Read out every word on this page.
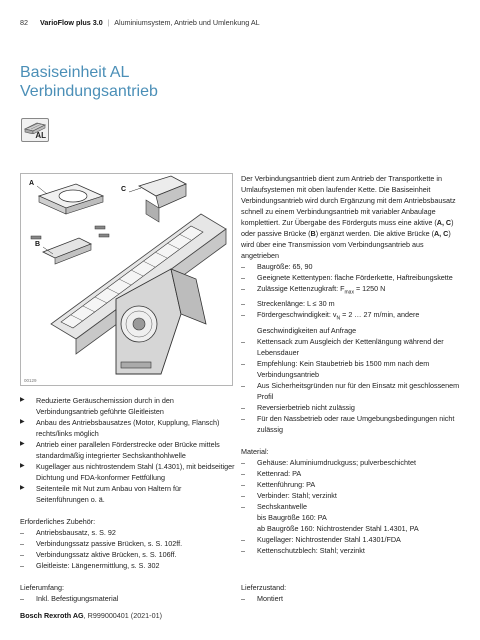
82 VarioFlow plus 3.0 | Aluminiumsystem, Antrieb und Umlenkung AL
Basiseinheit AL
Verbindungsantrieb
AL
A
B
C
00129
▶ Reduzierte Geräuschemission durch in den Verbindungsantrieb geführte Gleitleisten
▶ Anbau des Antriebsbausatzes (Motor, Kupplung, Flansch) rechts/links möglich
▶ Antrieb einer parallelen Förderstrecke oder Brücke mittels standardmäßig integrierter Sechskanthohlwelle
▶ Kugellager aus nichtrostendem Stahl (1.4301), mit beidseitiger Dichtung und FDA-konformer Fettfüllung
▶ Seitenteile mit Nut zum Anbau von Haltern für Seitenführungen o. ä.

Erforderliches Zubehör:

– Antriebsbausatz, s. S. 92
– Verbindungssatz passive Brücken, s. S. 102ff.
– Verbindungssatz aktive Brücken, s. S. 106ff.
– Gleitleiste: Längenermittlung, s. S. 302

Lieferumfang:

– Inkl. Befestigungsmaterial

Der Verbindungsantrieb dient zum Antrieb der Transportkette in Umlaufsystemen mit oben laufender Kette. Die Basiseinheit Verbindungsantrieb wird durch Ergänzung mit dem Antriebsbausatz schnell zu einem Verbindungsantrieb mit variabler Anbaulage komplettiert. Zur Übergabe des Förderguts muss eine aktive (A, C) oder passive Brücke (B) ergänzt werden. Die aktive Brücke (A, C) wird über eine Transmission vom Verbindungsantrieb aus angetrieben

– Baugröße: 65, 90
– Geeignete Kettentypen: flache Förderkette, Haftreibungskette
– Zulässige Kettenzugkraft: $F_{max} = 1250$ N
– Streckenlänge: L ≤ 30 m
– Fördergeschwindigkeit: $v_N = 2$ … 27 m/min, andere Geschwindigkeiten auf Anfrage
– Kettensack zum Ausgleich der Kettenlängung während der Lebensdauer
– Empfehlung: Kein Staubetrieb bis 1500 mm nach dem Verbindungsantrieb
– Aus Sicherheitsgründen nur für den Einsatz mit geschlossenem Profil
– Reversierbetrieb nicht zulässig
– Für den Nassbetrieb oder raue Umgebungsbedingungen nicht zulässig

Material:

– Gehäuse: Aluminiumdruckguss; pulverbeschichtet
– Kettenrad: PA
– Kettenführung: PA
– Verbinder: Stahl; verzinkt
– Sechskantwelle
bis Baugröße 160: PA
ab Baugröße 160: Nichtrostender Stahl 1.4301, PA
– Kugellager: Nichtrostender Stahl 1.4301/FDA
– Kettenschutzblech: Stahl; verzinkt

Lieferzustand:

– Montiert
Bosch Rexroth AG, R999000401 (2021-01)
